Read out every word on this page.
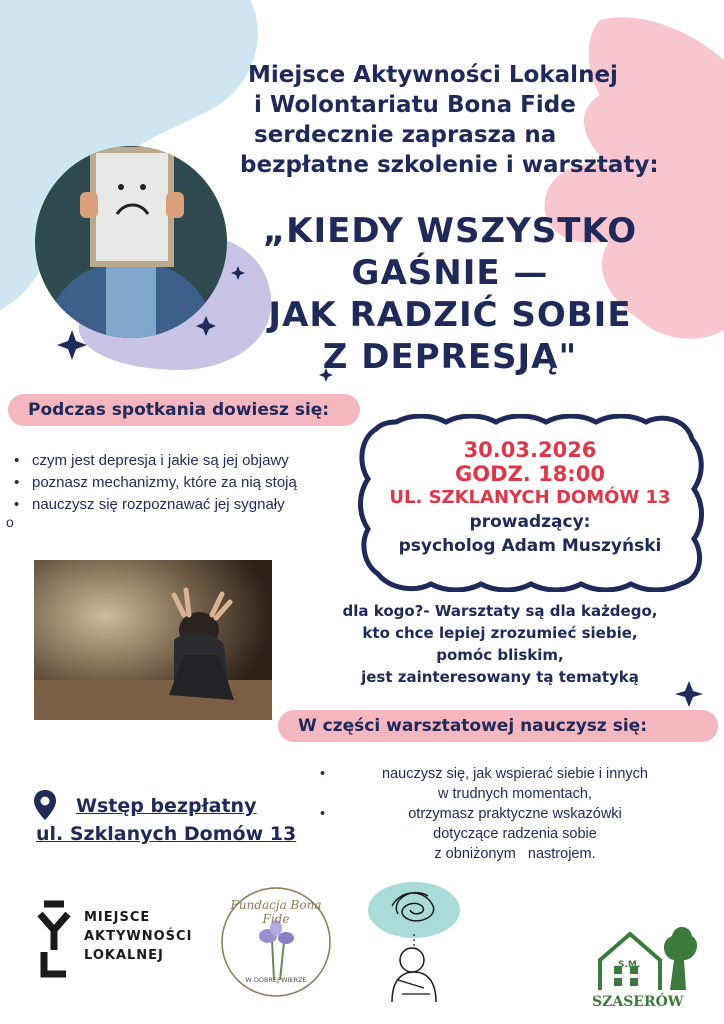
Miejsce Aktywności Lokalnej
i Wolontariatu Bona Fide
serdecznie zaprasza na
bezpłatne szkolenie i warsztaty:
„KIEDY WSZYSTKO
GAŚNIE —
JAK RADZIĆ SOBIE
Z DEPRESJĄ"
Podczas spotkania dowiesz się:
• czym jest depresja i jakie są jej objawy
• poznasz mechanizmy, które za nią stoją
• nauczysz się rozpoznawać jej sygnały
o
30.03.2026
GODZ. 18:00
UL. SZKLANYCH DOMÓW 13
prowadzący:
psycholog Adam Muszyński
dla kogo?- Warsztaty są dla każdego,
kto chce lepiej zrozumieć siebie,
pomóc bliskim,
jest zainteresowany tą tematyką
W części warsztatowej nauczysz się:
•	nauczysz się, jak wspierać siebie i innych
w trudnych momentach,
•	otrzymasz praktyczne wskazówki
dotyczące radzenia sobie
z obniżonym   nastrojem.
Wstęp bezpłatny
ul. Szklanych Domów 13
MIEJSCE
AKTYWNOŚCI
LOKALNEJ
Fundacja Bona Fide
W DOBREJ WIERZE
S.M.
SZASERÓW
